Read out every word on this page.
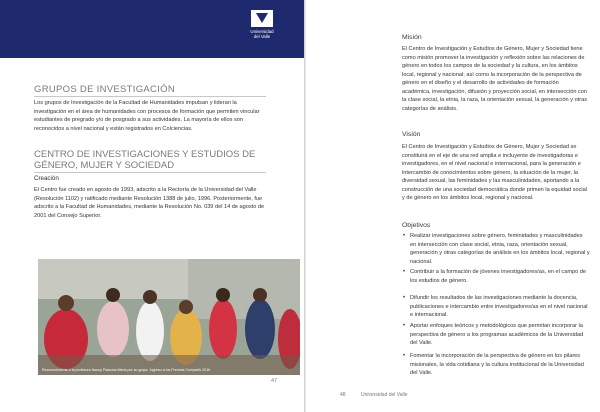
Universidad
del Valle
GRUPOS DE INVESTIGACIÓN
Los grupos de Investigación de la Facultad de Humanidades impulsan y lideran la investigación en el área de humanidades con procesos de formación que permiten vincular estudiantes de pregrado y/o de posgrado a sus actividades. La mayoría de ellos son reconocidos a nivel nacional y están registrados en Colciencias.
CENTRO DE INVESTIGACIONES Y ESTUDIOS DE GÉNERO, MUJER Y SOCIEDAD
Creación
El Centro fue creado en agosto de 1993, adscrito a la Rectoría de la Universidad del Valle (Resolución 1102) y ratificado mediante Resolución 1388 de julio, 1996. Posteriormente, fue adscrito a la Facultad de Humanidades, mediante la Resolución No. 039 del 14 de agosto de 2001 del Consejo Superior.
Reconocimiento a la profesora Nancy Palacios Mena por su grupo. Ingreso a los Premios Compartir 2016
47
Misión
El Centro de Investigación y Estudios de Género, Mujer y Sociedad tiene como misión promover la investigación y reflexión sobre las relaciones de género en todos los campos de la sociedad y la cultura, en los ámbitos local, regional y nacional; así como la incorporación de la perspectiva de género en el diseño y el desarrollo de actividades de formación académica, investigación, difusión y proyección social, en intersección con la clase social, la etnia, la raza, la orientación sexual, la generación y otras categorías de análisis.
Visión
El Centro de Investigación y Estudios de Género, Mujer y Sociedad se constituirá en el eje de una red amplia e incluyente de investigadoras e investigadores, en el nivel nacional e internacional, para la generación e intercambio de conocimientos sobre género, la situación de la mujer, la diversidad sexual, las feminidades y las masculinidades, aportando a la construcción de una sociedad democrática donde primen la equidad social y de género en los ámbitos local, regional y nacional.
Objetivos
• Realizar investigaciones sobre género, feminidades y masculinidades en intersección con clase social, etnia, raza, orientación sexual, generación y otras categorías de análisis en los ámbitos local, regional y nacional.
• Contribuir a la formación de jóvenes investigadores/as, en el campo de los estudios de género.
• Difundir los resultados de las investigaciones mediante la docencia, publicaciones e intercambio entre investigadores/as en el nivel nacional e internacional.
• Aportar enfoques teóricos y metodológicos que permitan incorporar la perspectiva de género a los programas académicos de la Universidad del Valle.
• Fomentar la incorporación de la perspectiva de género en los pilares misionales, la vida cotidiana y la cultura institucional de la Universidad del Valle.
48	Universidad del Valle
